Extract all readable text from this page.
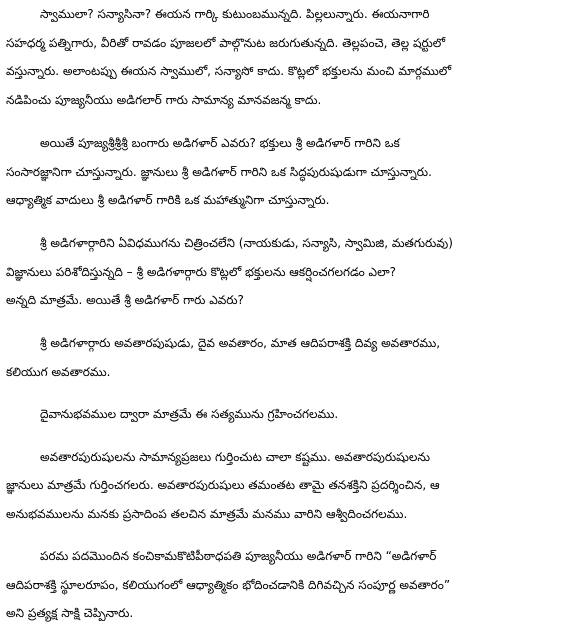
స్వాములా? సన్యాసినా? ఈయన గార్కి కుటుంబమున్నది. పిల్లలున్నారు. ఈయనాగారి
సహధర్మ పత్నిగారు, వీరితో రావడం పూజలలో పాల్గొనుట జరుగుతున్నది. తెల్లపంచె, తెల్ల షర్టులో
వస్తున్నారు. అలాంటప్పు ఈయన స్వాములో, సన్యాసో కాదు. కొట్లలో భక్తులను మంచి మార్గములో
నడిపించు పూజ్యనీయు అడిగలార్ గారు సామాన్య మానవజన్మ కాదు.
అయితే పూజ్యశ్రీశ్రీశ్రీ బంగారు అడిగళార్ ఎవరు? భక్తులు శ్రీ అడిగళార్ గారిని ఒక
సంసారజ్ఞానిగా చూస్తున్నారు. జ్ఞానులు శ్రీ అడిగళార్ గారిని ఒక సిద్ధపురుషుడుగా చూస్తున్నారు.
ఆధ్యాత్మిక వాదులు శ్రీ అడిగళార్ గారికి ఒక మహాత్మునిగా చూస్తున్నారు.
శ్రీ అడిగళార్గారిని ఏవిధముగను చిత్రించలేని (నాయకుడు, సన్యాసి, స్వామిజి, మతగురువు)
విజ్ఞానులు పరిశోదిస్తున్నది – శ్రీ అడిగళార్గారు కొట్లలో భక్తులను ఆకర్షించగలగడం ఎలా?
అన్నది మాత్రమే. అయితే శ్రీ అడిగళార్ గారు ఎవరు?
శ్రీ అడిగళార్గారు అవతారపుషుడు, దైవ అవతారం, మాత ఆదిపరాశక్తి దివ్య అవతారము,
కలియుగ అవతారము.
దైవానుభవముల ద్వారా మాత్రమే ఈ సత్యమును గ్రహించగలము.
అవతారపురుషులను సామాన్యప్రజలు గుర్తించుట చాలా కష్టము. అవతారపురుషులను
జ్ఞానులు మాత్రమే గుర్తించగలరు. అవతారపురుషులు తమంతట తామై తనశక్తిని ప్రదర్శించిన, ఆ
అనుభవములను మనకు ప్రసాదింప తలచిన మాత్రమే మనము వారిని ఆశ్వీదించగలము.
పరమ పదమొందిన కంచికామకొటిపీఠాధపతి పూజ్యనీయు అడిగళార్ గారిని “అడిగళార్
ఆదిపరాశక్తి స్థూలరూపం, కలియుగంలో ఆధ్యాత్మికం భోదించడానికి దిగివచ్చిన సంపూర్ణ అవతారం”
అని ప్రత్యక్ష సాక్షి చెప్పినారు.
